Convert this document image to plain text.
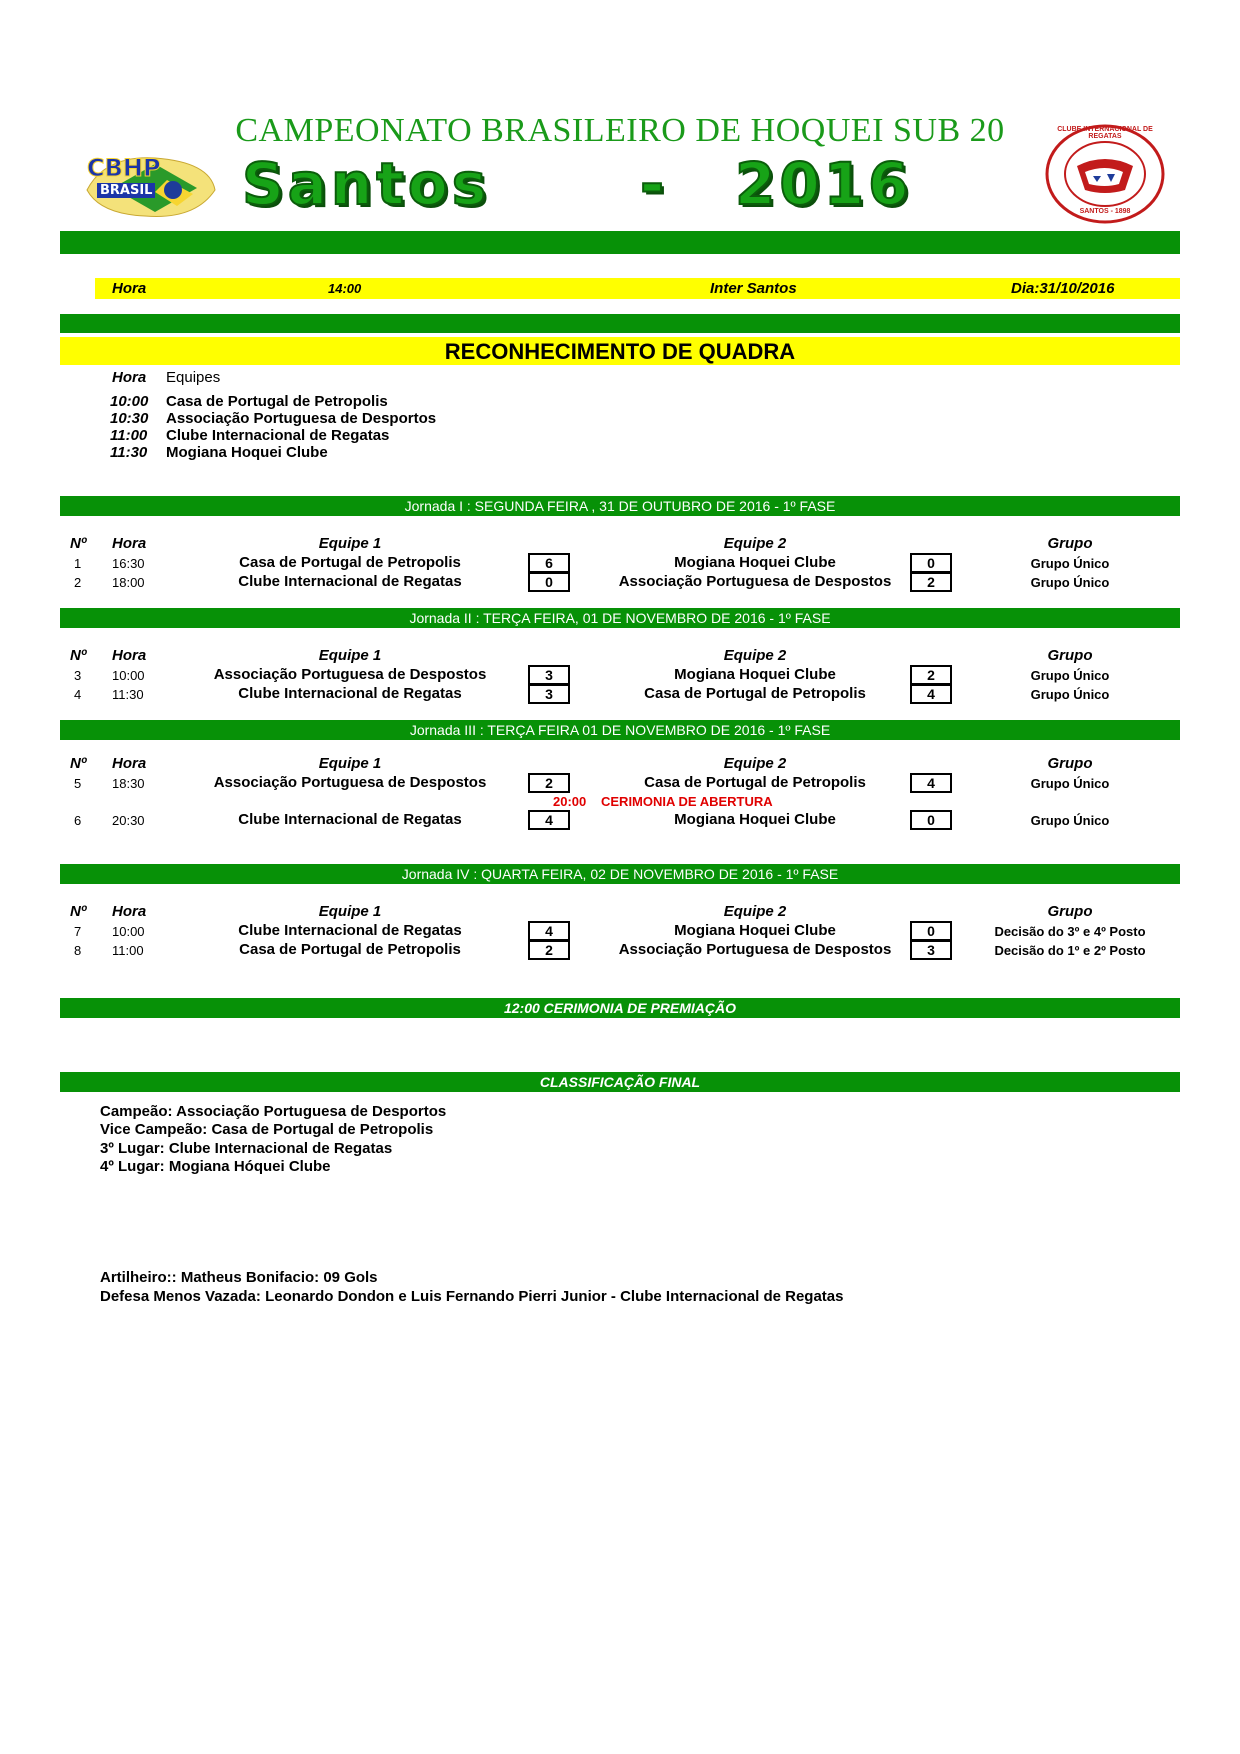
CAMPEONATO BRASILEIRO DE HOQUEI SUB 20
Santos	- 2016
CBHP
BRASIL
CLUBE INTERNACIONAL DE REGATAS
SANTOS - 1898
Hora	14:00	Inter Santos	Dia:31/10/2016
RECONHECIMENTO DE QUADRA
Hora Equipes
10:00 Casa de Portugal de Petropolis
10:30 Associação Portuguesa de Desportos
11:00 Clube Internacional de Regatas
11:30 Mogiana Hoquei Clube
Jornada I : SEGUNDA FEIRA , 31 DE OUTUBRO DE 2016 - 1º FASE
Nº Hora	Equipe 1	Equipe 2	Grupo
1 16:30	Casa de Portugal de Petropolis	6	Mogiana Hoquei Clube	0	Grupo Único
2 18:00	Clube Internacional de Regatas	0	Associação Portuguesa de Despostos	2	Grupo Único
Jornada II : TERÇA FEIRA, 01 DE NOVEMBRO DE 2016 - 1º FASE
Nº Hora	Equipe 1	Equipe 2	Grupo
3 10:00	Associação Portuguesa de Despostos	3	Mogiana Hoquei Clube	2	Grupo Único
4 11:30	Clube Internacional de Regatas	3	Casa de Portugal de Petropolis	4	Grupo Único
Jornada III : TERÇA FEIRA 01 DE NOVEMBRO DE 2016 - 1º FASE
Nº Hora	Equipe 1	Equipe 2	Grupo
5 18:30	Associação Portuguesa de Despostos	2	Casa de Portugal de Petropolis	4	Grupo Único
20:00 CERIMONIA DE ABERTURA
6 20:30	Clube Internacional de Regatas	4	Mogiana Hoquei Clube	0	Grupo Único
Jornada IV : QUARTA FEIRA, 02 DE NOVEMBRO DE 2016 - 1º FASE
Nº Hora	Equipe 1	Equipe 2	Grupo
7 10:00	Clube Internacional de Regatas	4	Mogiana Hoquei Clube	0	Decisão do 3º e 4º Posto
8 11:00	Casa de Portugal de Petropolis	2	Associação Portuguesa de Despostos	3	Decisão do 1º e 2º Posto
12:00 CERIMONIA DE PREMIAÇÃO
CLASSIFICAÇÃO FINAL
Campeão: Associação Portuguesa de Desportos
Vice Campeão: Casa de Portugal de Petropolis
3º Lugar: Clube Internacional de Regatas
4º Lugar: Mogiana Hóquei Clube
Artilheiro:: Matheus Bonifacio: 09 Gols
Defesa Menos Vazada: Leonardo Dondon e Luis Fernando Pierri Junior - Clube Internacional de Regatas
